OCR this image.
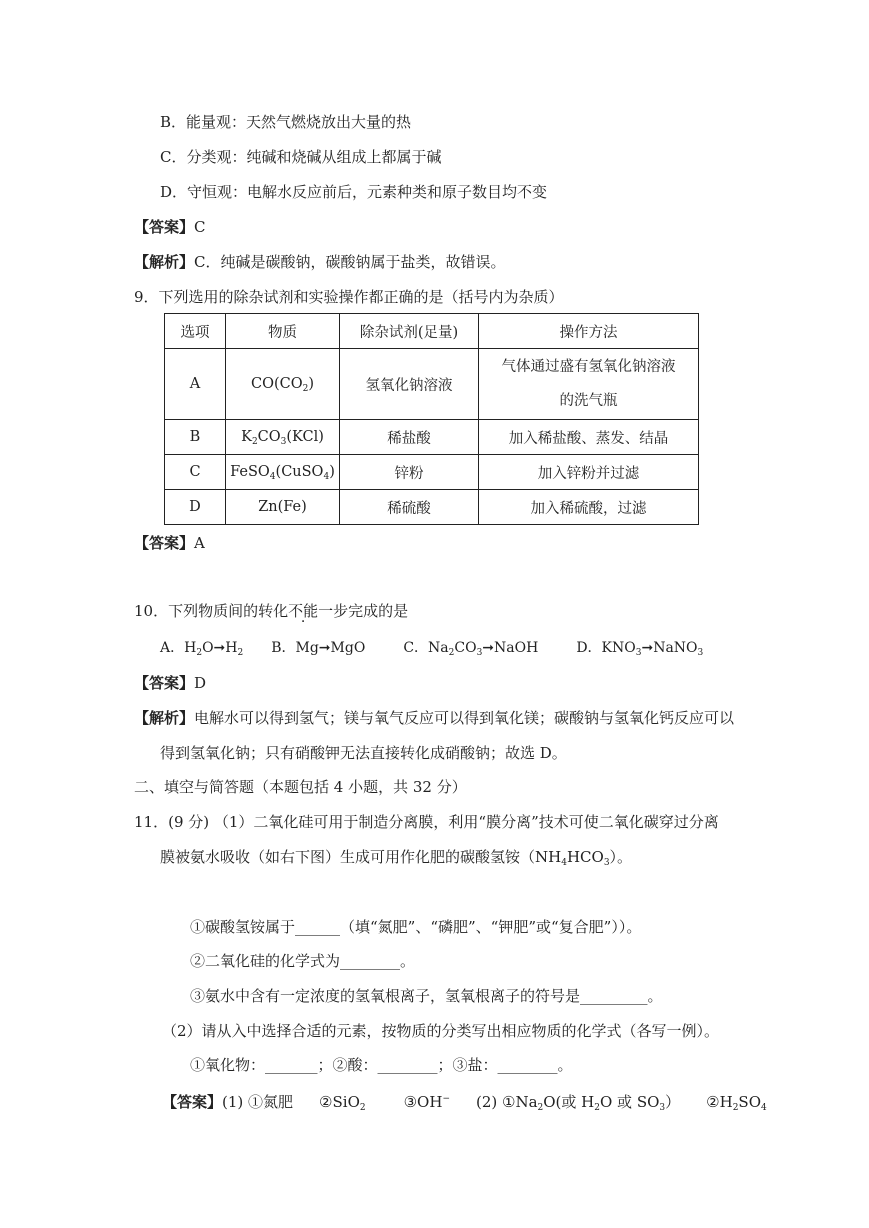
B．能量观：天然气燃烧放出大量的热
C．分类观：纯碱和烧碱从组成上都属于碱
D．守恒观：电解水反应前后，元素种类和原子数目均不变
【答案】C
【解析】C．纯碱是碳酸钠，碳酸钠属于盐类，故错误。
9．下列选用的除杂试剂和实验操作都正确的是（括号内为杂质）
选项	物质	除杂试剂(足量)	操作方法
A	$CO(CO_2)$	氢氧化钠溶液	气体通过盛有氢氧化钠溶液
的洗气瓶

B	$K_2CO_3(KCl)$	稀盐酸	加入稀盐酸、蒸发、结晶
C	FeSO$_4$(CuSO$_4$)	锌粉	加入锌粉并过滤
D	Zn(Fe)	稀硫酸	加入稀硫酸，过滤
【答案】A
10．下列物质间的转化不能一步完成的是
A．$H_2O➞H_2$ B．Mg➞MgO	C．$Na_2CO_3➞NaOH$	D．$KNO_3➞NaNO_3$
【答案】D
【解析】电解水可以得到氢气；镁与氧气反应可以得到氧化镁；碳酸钠与氢氧化钙反应可以
得到氢氧化钠；只有硝酸钾无法直接转化成硝酸钠；故选 D。
二、填空与简答题（本题包括 4 小题，共 32 分）
11．(9 分) （1）二氧化硅可用于制造分离膜，利用“膜分离”技术可使二氧化碳穿过分离
膜被氨水吸收（如右下图）生成可用作化肥的碳酸氢铵$(NH_4HCO_3)$。
①碳酸氢铵属于______（填“氮肥”、“磷肥”、“钾肥”或“复合肥”））。
②二氧化硅的化学式为________。
③氨水中含有一定浓度的氢氧根离子，氢氧根离子的符号是_________。
（2）请从入中选择合适的元素，按物质的分类写出相应物质的化学式（各写一例）。
①氧化物：_______；②酸：________；③盐：________。
【答案】(1) ①氮肥 ②SiO$_2$	③OH− (2) $①Na_2O$(或 $H_2O$ 或 $SO_3$） $②H_2SO_4$
